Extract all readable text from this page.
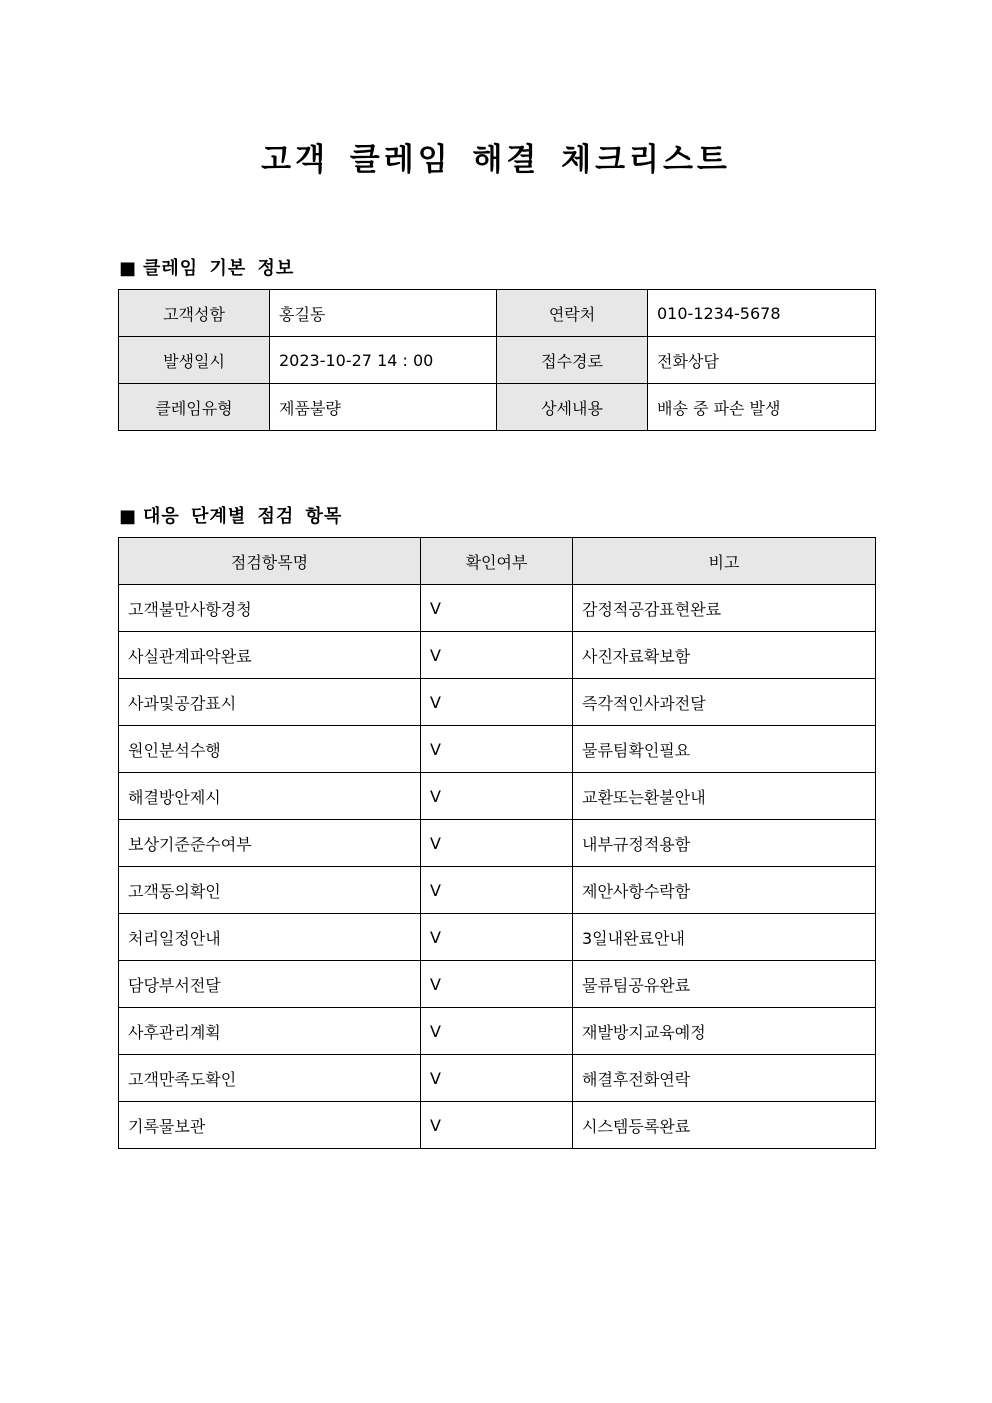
고객 클레임 해결 체크리스트
■ 클레임 기본 정보
고객성함	홍길동	연락처	010-1234-5678
발생일시	2023-10-27 14 : 00	접수경로	전화상담
클레임유형	제품불량	상세내용	배송 중 파손 발생
■ 대응 단계별 점검 항목
점검항목명	확인여부	비고
고객불만사항경청	V	감정적공감표현완료
사실관계파악완료	V	사진자료확보함
사과및공감표시	V	즉각적인사과전달
원인분석수행	V	물류팀확인필요
해결방안제시	V	교환또는환불안내
보상기준준수여부	V	내부규정적용함
고객동의확인	V	제안사항수락함
처리일정안내	V	3일내완료안내
담당부서전달	V	물류팀공유완료
사후관리계획	V	재발방지교육예정
고객만족도확인	V	해결후전화연락
기록물보관	V	시스템등록완료
